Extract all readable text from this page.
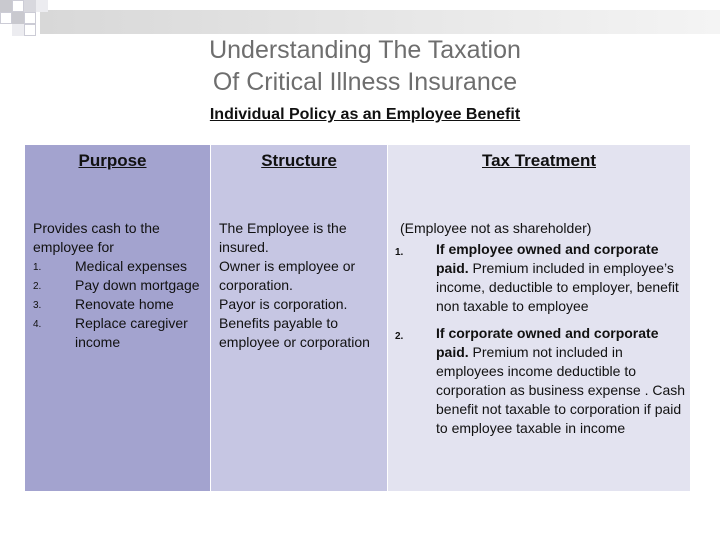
Understanding The Taxation
Of Critical Illness Insurance
Individual Policy as an Employee Benefit
Purpose
Provides cash to the
employee for
1. Medical expenses
2. Pay down mortgage
3. Renovate home
4. Replace caregiver income
Structure

The Employee is the insured.

Owner is employee or corporation.

Payor is corporation.

Benefits payable to employee or corporation

Tax Treatment

(Employee not as shareholder)

1. If employee owned and corporate paid. Premium included in employee’s income, deductible to employer, benefit non taxable to employee
2. If corporate owned and corporate paid. Premium not included in employees income deductible to corporation as business expense . Cash benefit not taxable to corporation if paid to employee taxable in income
